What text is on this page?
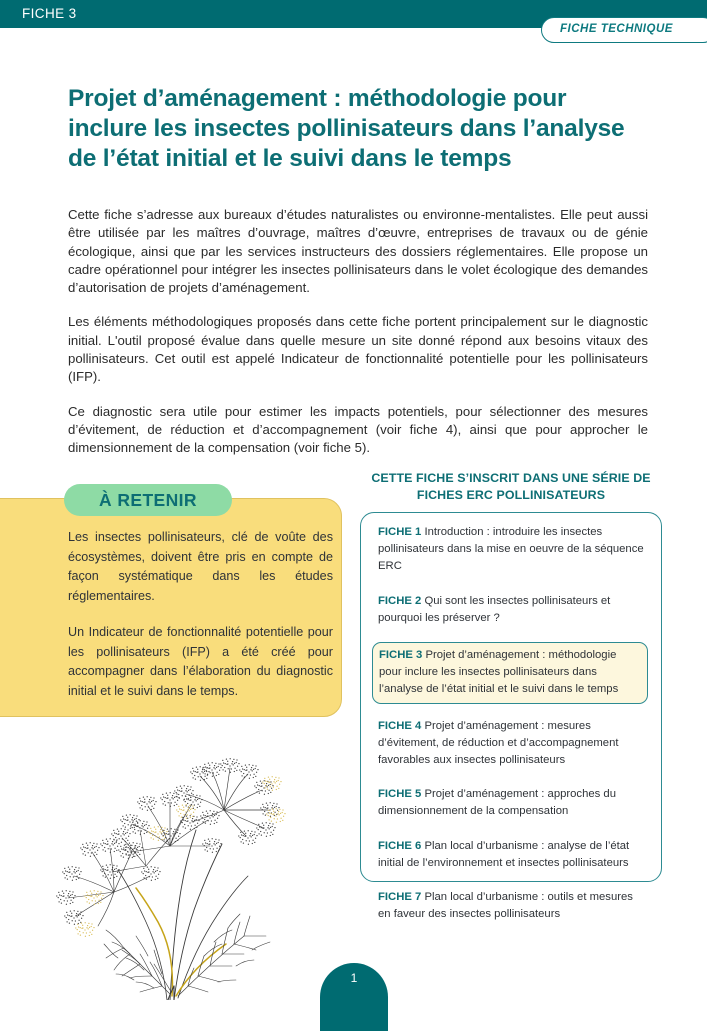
FICHE 3
FICHE TECHNIQUE
Projet d’aménagement : méthodologie pour inclure les insectes pollinisateurs dans l’analyse de l’état initial et le suivi dans le temps

Cette fiche s’adresse aux bureaux d’études naturalistes ou environne-mentalistes. Elle peut aussi être utilisée par les maîtres d’ouvrage, maîtres d’œuvre, entreprises de travaux ou de génie écologique, ainsi que par les services instructeurs des dossiers réglementaires. Elle propose un cadre opérationnel pour intégrer les insectes pollinisateurs dans le volet écologique des demandes d’autorisation de projets d’aménagement.

Les éléments méthodologiques proposés dans cette fiche portent principalement sur le diagnostic initial. L'outil proposé évalue dans quelle mesure un site donné répond aux besoins vitaux des pollinisateurs. Cet outil est appelé Indicateur de fonctionnalité potentielle pour les pollinisateurs (IFP).

Ce diagnostic sera utile pour estimer les impacts potentiels, pour sélectionner des mesures d’évitement, de réduction et d’accompagnement (voir fiche 4), ainsi que pour approcher le dimensionnement de la compensation (voir fiche 5).

Les insectes pollinisateurs, clé de voûte des écosystèmes, doivent être pris en compte de façon systématique dans les études réglementaires.

Un Indicateur de fonctionnalité potentielle pour les pollinisateurs (IFP) a été créé pour accompagner dans l’élaboration du diagnostic initial et le suivi dans le temps.

À RETENIR
CETTE FICHE S’INSCRIT DANS UNE SÉRIE DE FICHES ERC POLLINISATEURS
FICHE 1 Introduction : introduire les insectes pollinisateurs dans la mise en oeuvre de la séquence ERC
FICHE 2 Qui sont les insectes pollinisateurs et pourquoi les préserver ?
FICHE 3 Projet d’aménagement : méthodologie pour inclure les insectes pollinisateurs dans l’analyse de l’état initial et le suivi dans le temps
FICHE 4 Projet d’aménagement : mesures d’évitement, de réduction et d’accompagnement favorables aux insectes pollinisateurs
FICHE 5 Projet d’aménagement : approches du dimensionnement de la compensation
FICHE 6 Plan local d’urbanisme : analyse de l’état initial de l’environnement et insectes pollinisateurs
FICHE 7 Plan local d’urbanisme : outils et mesures en faveur des insectes pollinisateurs
1
